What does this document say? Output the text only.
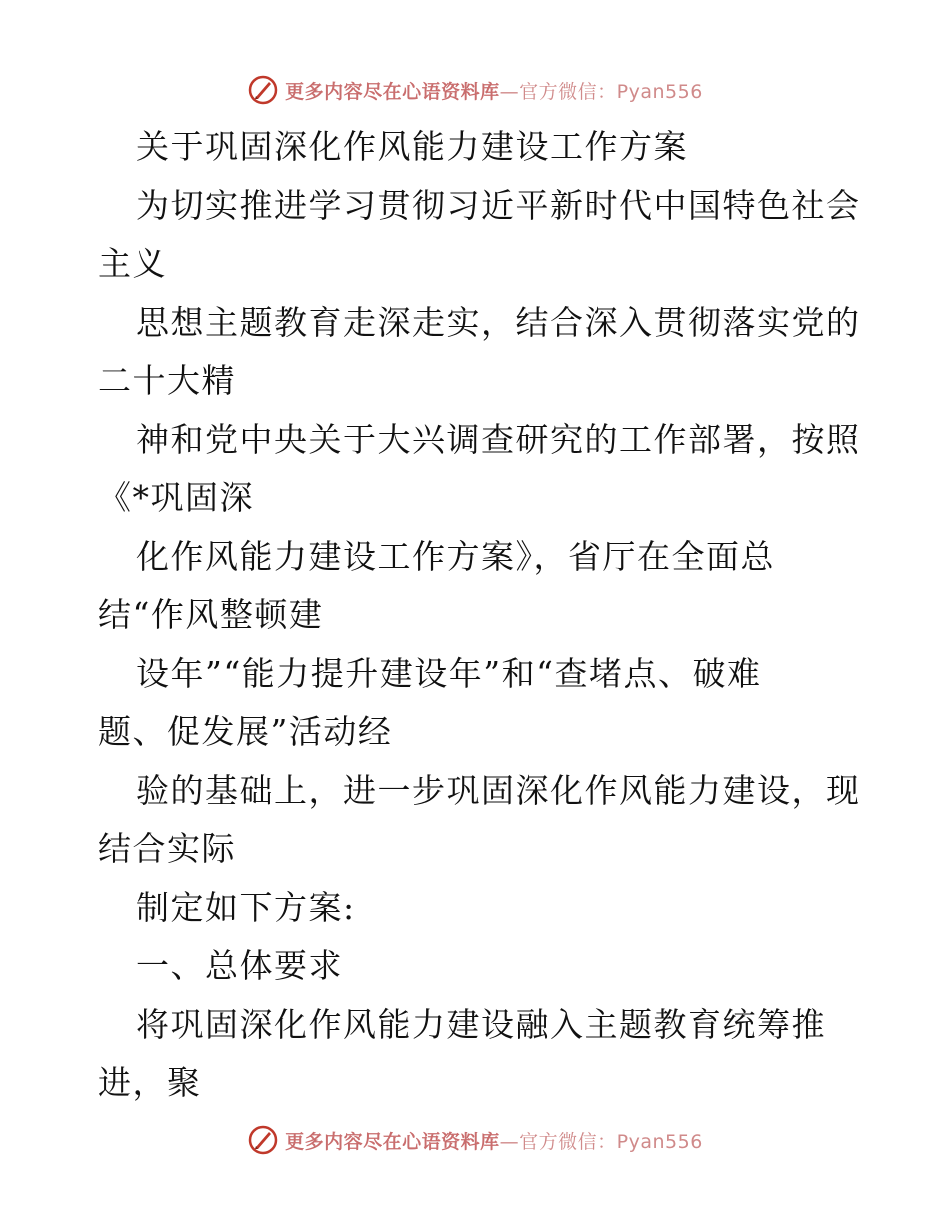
更多内容尽在心语资料库—官方微信：Pyan556
关于巩固深化作风能力建设工作方案
为切实推进学习贯彻习近平新时代中国特色社会
主义
思想主题教育走深走实，结合深入贯彻落实党的
二十大精
神和党中央关于大兴调查研究的工作部署，按照
《*巩固深
化作风能力建设工作方案》，省厅在全面总
结“作风整顿建
设年”“能力提升建设年”和“查堵点、破难
题、促发展”活动经
验的基础上，进一步巩固深化作风能力建设，现
结合实际
制定如下方案:
一、总体要求
将巩固深化作风能力建设融入主题教育统筹推
进，聚
更多内容尽在心语资料库—官方微信：Pyan556
